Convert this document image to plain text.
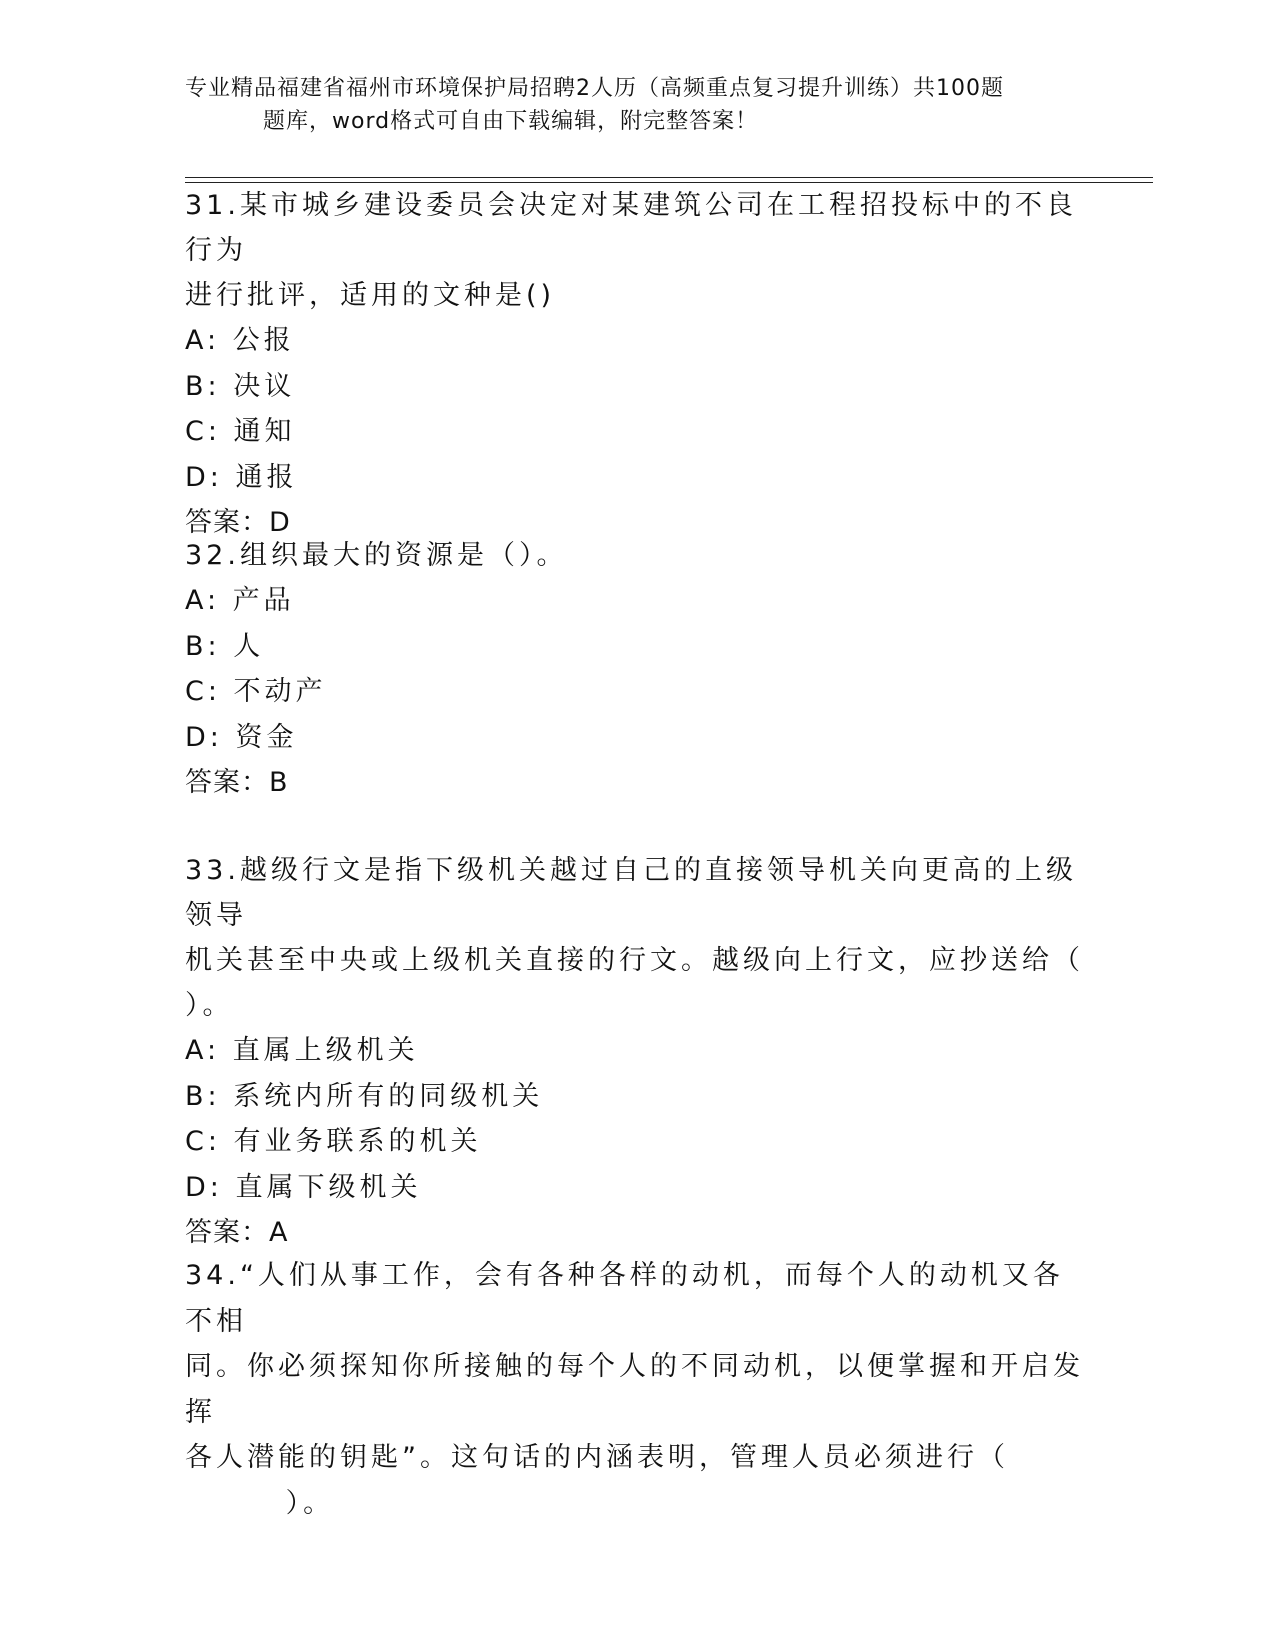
专业精品福建省福州市环境保护局招聘2人历（高频重点复习提升训练）共100题
题库，word格式可自由下载编辑，附完整答案！

31.某市城乡建设委员会决定对某建筑公司在工程招投标中的不良行为

进行批评，适用的文种是()

A: 公报

B: 决议

C: 通知

D: 通报

答案：D

32.组织最大的资源是（）。

A: 产品

B: 人

C: 不动产

D: 资金

答案：B

33.越级行文是指下级机关越过自己的直接领导机关向更高的上级领导

机关甚至中央或上级机关直接的行文。越级向上行文，应抄送给（

）。

A: 直属上级机关

B: 系统内所有的同级机关

C: 有业务联系的机关

D: 直属下级机关

答案：A

34.“人们从事工作，会有各种各样的动机，而每个人的动机又各不相

同。你必须探知你所接触的每个人的不同动机，以便掌握和开启发挥

各人潜能的钥匙”。这句话的内涵表明，管理人员必须进行（

）。
